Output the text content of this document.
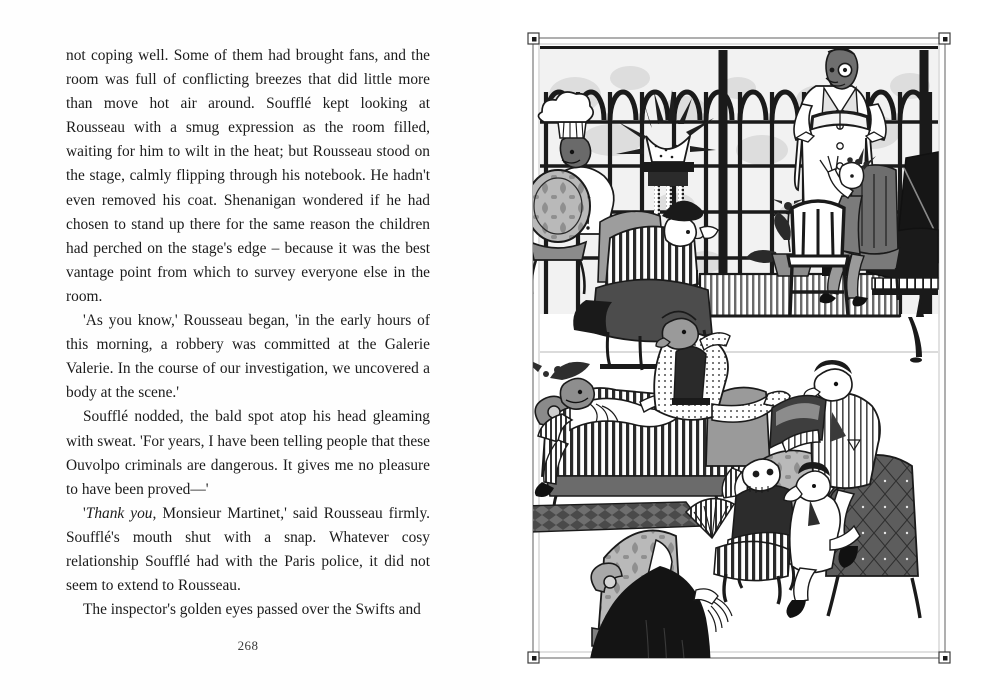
not coping well. Some of them had brought fans, and the room was full of conflicting breezes that did little more than move hot air around. Soufflé kept looking at Rousseau with a smug expression as the room filled, waiting for him to wilt in the heat; but Rousseau stood on the stage, calmly flipping through his notebook. He hadn't even removed his coat. Shenanigan wondered if he had chosen to stand up there for the same reason the children had perched on the stage's edge – because it was the best vantage point from which to survey everyone else in the room.

'As you know,' Rousseau began, 'in the early hours of this morning, a robbery was committed at the Galerie Valerie. In the course of our investigation, we uncovered a body at the scene.'

Soufflé nodded, the bald spot atop his head gleaming with sweat. 'For years, I have been telling people that these Ouvolpo criminals are dangerous. It gives me no pleasure to have been proved—'

'Thank you, Monsieur Martinet,' said Rousseau firmly. Soufflé's mouth shut with a snap. Whatever cosy relationship Soufflé had with the Paris police, it did not seem to extend to Rousseau.

The inspector's golden eyes passed over the Swifts and

268
